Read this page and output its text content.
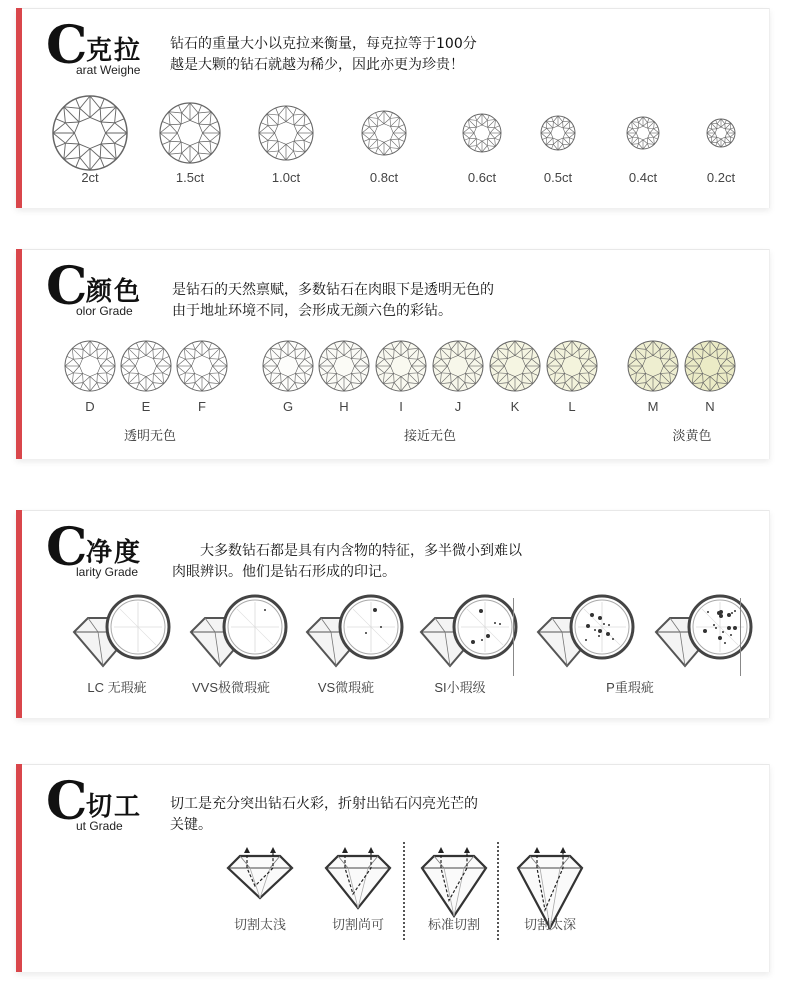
C
克拉
arat Weighe
钻石的重量大小以克拉来衡量，每克拉等于100分
越是大颗的钻石就越为稀少，因此亦更为珍贵！
2ct	1.5ct	1.0ct	0.8ct	0.6ct	0.5ct	0.4ct	0.2ct
C
颜色
olor Grade
是钻石的天然禀赋，多数钻石在肉眼下是透明无色的
由于地址环境不同，会形成无颜六色的彩钻。
D	E	F	G	H	I	J	K	L	M	N
透明无色	接近无色	淡黄色
C
净度
larity Grade
大多数钻石都是具有内含物的特征，多半微小到难以
肉眼辨识。他们是钻石形成的印记。
LC 无瑕疵	VVS极微瑕疵	VS微瑕疵	SI小瑕级	P重瑕疵
C
切工
ut Grade
切工是充分突出钻石火彩，折射出钻石闪亮光芒的
关键。
切割太浅	切割尚可	标准切割	切割太深
